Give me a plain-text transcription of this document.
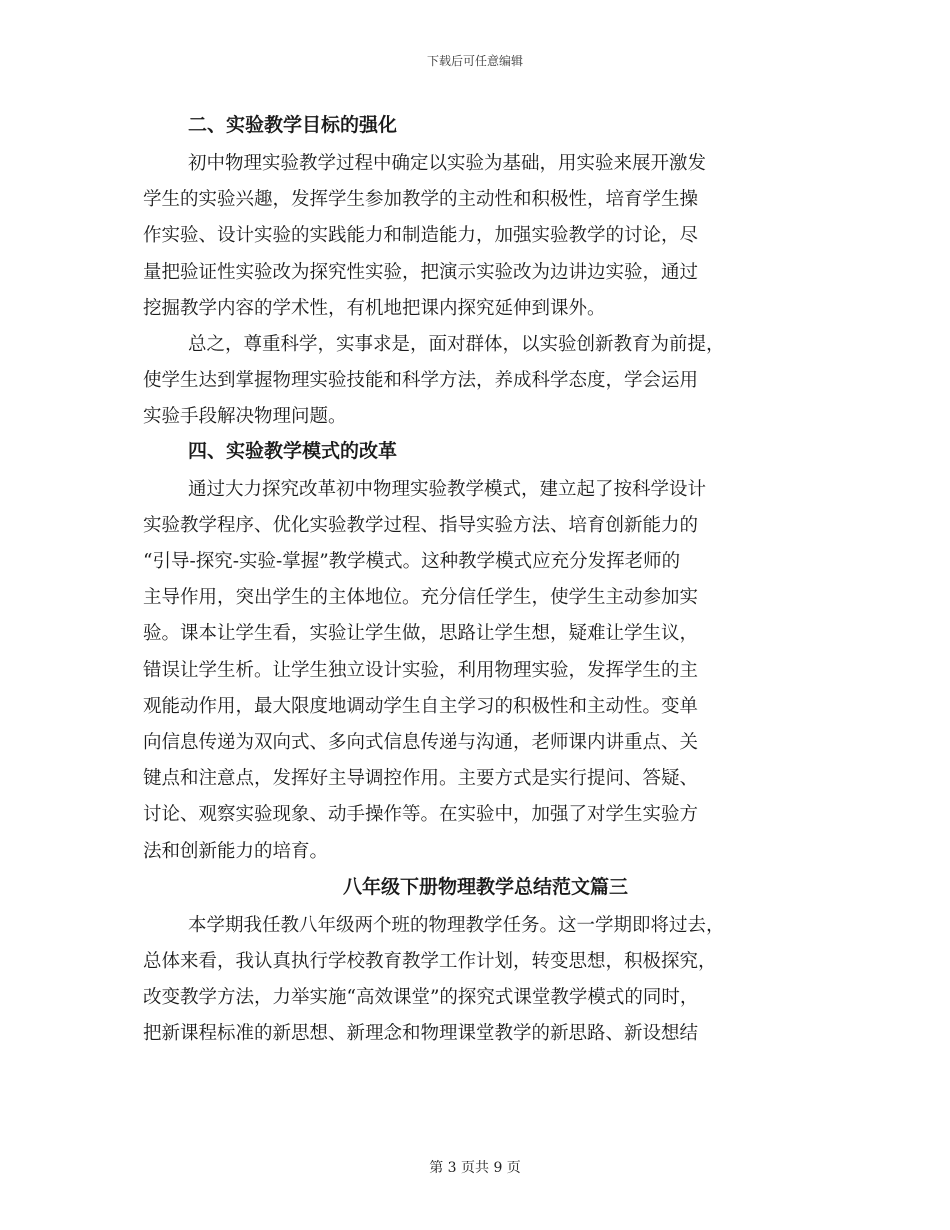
下载后可任意编辑
二、实验教学目标的强化

初中物理实验教学过程中确定以实验为基础，用实验来展开激发
学生的实验兴趣，发挥学生参加教学的主动性和积极性，培育学生操
作实验、设计实验的实践能力和制造能力，加强实验教学的讨论，尽
量把验证性实验改为探究性实验，把演示实验改为边讲边实验，通过
挖掘教学内容的学术性，有机地把课内探究延伸到课外。

总之，尊重科学，实事求是，面对群体，以实验创新教育为前提，
使学生达到掌握物理实验技能和科学方法，养成科学态度，学会运用
实验手段解决物理问题。

四、实验教学模式的改革

通过大力探究改革初中物理实验教学模式，建立起了按科学设计
实验教学程序、优化实验教学过程、指导实验方法、培育创新能力的
“引导-探究-实验-掌握”教学模式。这种教学模式应充分发挥老师的
主导作用，突出学生的主体地位。充分信任学生，使学生主动参加实
验。课本让学生看，实验让学生做，思路让学生想，疑难让学生议，
错误让学生析。让学生独立设计实验，利用物理实验，发挥学生的主
观能动作用，最大限度地调动学生自主学习的积极性和主动性。变单
向信息传递为双向式、多向式信息传递与沟通，老师课内讲重点、关
键点和注意点，发挥好主导调控作用。主要方式是实行提问、答疑、
讨论、观察实验现象、动手操作等。在实验中，加强了对学生实验方
法和创新能力的培育。

八年级下册物理教学总结范文篇三

本学期我任教八年级两个班的物理教学任务。这一学期即将过去，
总体来看，我认真执行学校教育教学工作计划，转变思想，积极探究，
改变教学方法，力举实施“高效课堂”的探究式课堂教学模式的同时，
把新课程标准的新思想、新理念和物理课堂教学的新思路、新设想结

第 3 页共 9 页
